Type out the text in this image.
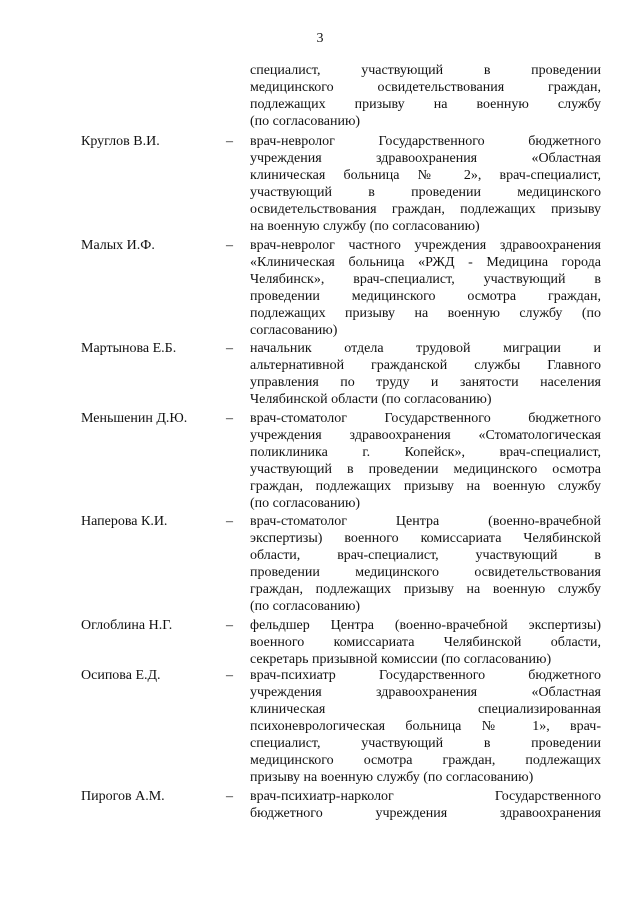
3
специалист, участвующий в проведении
медицинского освидетельствования граждан,
подлежащих призыву на военную службу
(по согласованию)
Круглов В.И.	– врач-невролог Государственного бюджетного
учреждения здравоохранения «Областная
клиническая больница № 2», врач-специалист,
участвующий в проведении медицинского
освидетельствования граждан, подлежащих призыву
на военную службу (по согласованию)
Малых И.Ф.	– врач-невролог частного учреждения здравоохранения
«Клиническая больница «РЖД - Медицина города
Челябинск», врач-специалист, участвующий в
проведении медицинского осмотра граждан,
подлежащих призыву на военную службу (по
согласованию)
Мартынова Е.Б.	– начальник отдела трудовой миграции и
альтернативной гражданской службы Главного
управления по труду и занятости населения
Челябинской области (по согласованию)
Меньшенин Д.Ю.	– врач-стоматолог Государственного бюджетного
учреждения здравоохранения «Стоматологическая
поликлиника г. Копейск», врач-специалист,
участвующий в проведении медицинского осмотра
граждан, подлежащих призыву на военную службу
(по согласованию)
Наперова К.И.	– врач-стоматолог Центра (военно-врачебной
экспертизы) военного комиссариата Челябинской
области, врач-специалист, участвующий в
проведении медицинского освидетельствования
граждан, подлежащих призыву на военную службу
(по согласованию)
Оглоблина Н.Г.	– фельдшер Центра (военно-врачебной экспертизы)
военного комиссариата Челябинской области,
секретарь призывной комиссии (по согласованию)
Осипова Е.Д.	– врач-психиатр Государственного бюджетного
учреждения здравоохранения «Областная
клиническая специализированная
психоневрологическая больница № 1», врач-
специалист, участвующий в проведении
медицинского осмотра граждан, подлежащих
призыву на военную службу (по согласованию)
Пирогов А.М.	– врач-психиатр-нарколог Государственного
бюджетного учреждения здравоохранения
